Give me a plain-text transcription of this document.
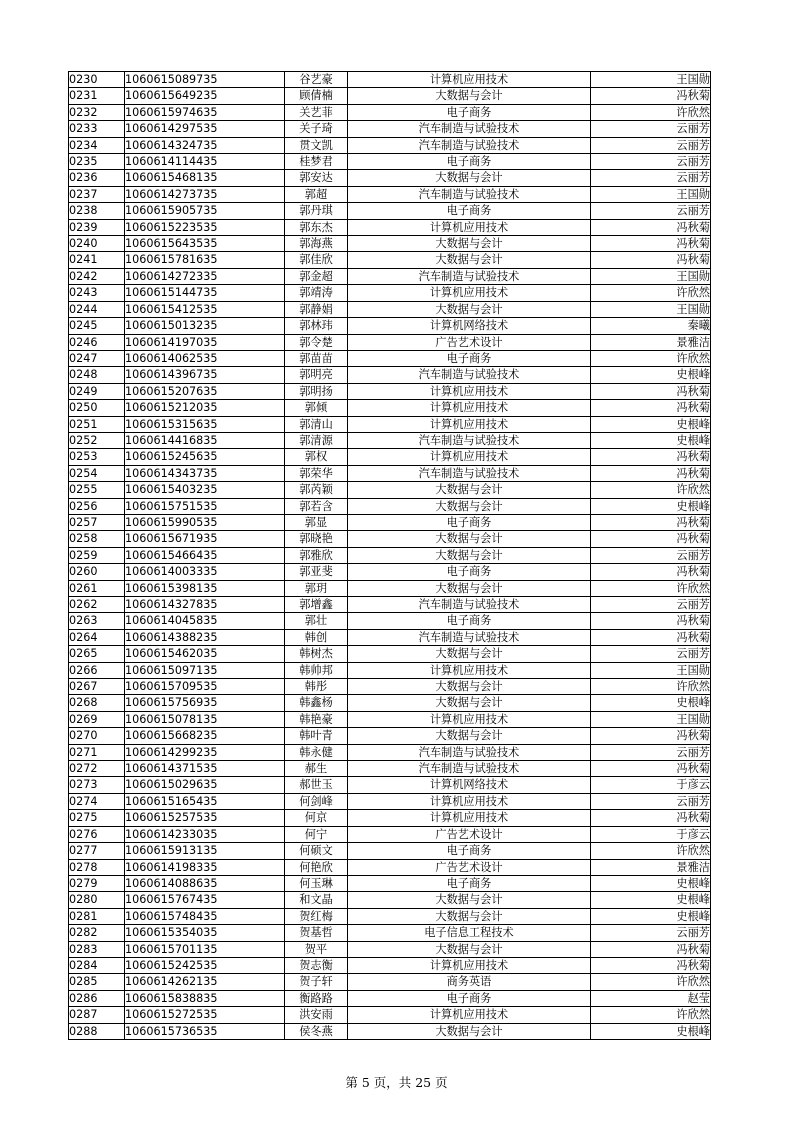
0230	1060615089735	谷艺豪	计算机应用技术	王国勋
0231	1060615649235	顾倩楠	大数据与会计	冯秋菊
0232	1060615974635	关艺菲	电子商务	许欣然
0233	1060614297535	关子琦	汽车制造与试验技术	云丽芳
0234	1060614324735	贯文凯	汽车制造与试验技术	云丽芳
0235	1060614114435	桂梦君	电子商务	云丽芳
0236	1060615468135	郭安达	大数据与会计	云丽芳
0237	1060614273735	郭超	汽车制造与试验技术	王国勋
0238	1060615905735	郭丹琪	电子商务	云丽芳
0239	1060615223535	郭东杰	计算机应用技术	冯秋菊
0240	1060615643535	郭海燕	大数据与会计	冯秋菊
0241	1060615781635	郭佳欣	大数据与会计	冯秋菊
0242	1060614272335	郭金超	汽车制造与试验技术	王国勋
0243	1060615144735	郭靖涛	计算机应用技术	许欣然
0244	1060615412535	郭静娟	大数据与会计	王国勋
0245	1060615013235	郭林玮	计算机网络技术	秦曦
0246	1060614197035	郭令楚	广告艺术设计	景雅洁
0247	1060614062535	郭苗苗	电子商务	许欣然
0248	1060614396735	郭明亮	汽车制造与试验技术	史根峰
0249	1060615207635	郭明扬	计算机应用技术	冯秋菊
0250	1060615212035	郭倾	计算机应用技术	冯秋菊
0251	1060615315635	郭清山	计算机应用技术	史根峰
0252	1060614416835	郭清源	汽车制造与试验技术	史根峰
0253	1060615245635	郭权	计算机应用技术	冯秋菊
0254	1060614343735	郭荣华	汽车制造与试验技术	冯秋菊
0255	1060615403235	郭芮颖	大数据与会计	许欣然
0256	1060615751535	郭若含	大数据与会计	史根峰
0257	1060615990535	郭显	电子商务	冯秋菊
0258	1060615671935	郭晓艳	大数据与会计	冯秋菊
0259	1060615466435	郭雅欣	大数据与会计	云丽芳
0260	1060614003335	郭亚斐	电子商务	冯秋菊
0261	1060615398135	郭玥	大数据与会计	许欣然
0262	1060614327835	郭增鑫	汽车制造与试验技术	云丽芳
0263	1060614045835	郭壮	电子商务	冯秋菊
0264	1060614388235	韩创	汽车制造与试验技术	冯秋菊
0265	1060615462035	韩树杰	大数据与会计	云丽芳
0266	1060615097135	韩帅邦	计算机应用技术	王国勋
0267	1060615709535	韩彤	大数据与会计	许欣然
0268	1060615756935	韩鑫杨	大数据与会计	史根峰
0269	1060615078135	韩艳豪	计算机应用技术	王国勋
0270	1060615668235	韩叶青	大数据与会计	冯秋菊
0271	1060614299235	韩永健	汽车制造与试验技术	云丽芳
0272	1060614371535	郝生	汽车制造与试验技术	冯秋菊
0273	1060615029635	郝世玉	计算机网络技术	于彦云
0274	1060615165435	何剑峰	计算机应用技术	云丽芳
0275	1060615257535	何京	计算机应用技术	冯秋菊
0276	1060614233035	何宁	广告艺术设计	于彦云
0277	1060615913135	何硕文	电子商务	许欣然
0278	1060614198335	何艳欣	广告艺术设计	景雅洁
0279	1060614088635	何玉琳	电子商务	史根峰
0280	1060615767435	和文晶	大数据与会计	史根峰
0281	1060615748435	贺红梅	大数据与会计	史根峰
0282	1060615354035	贺基哲	电子信息工程技术	云丽芳
0283	1060615701135	贺平	大数据与会计	冯秋菊
0284	1060615242535	贺志衡	计算机应用技术	冯秋菊
0285	1060614262135	贺子轩	商务英语	许欣然
0286	1060615838835	衡路路	电子商务	赵莹
0287	1060615272535	洪安雨	计算机应用技术	许欣然
0288	1060615736535	侯冬燕	大数据与会计	史根峰
第 5 页，共 25 页
